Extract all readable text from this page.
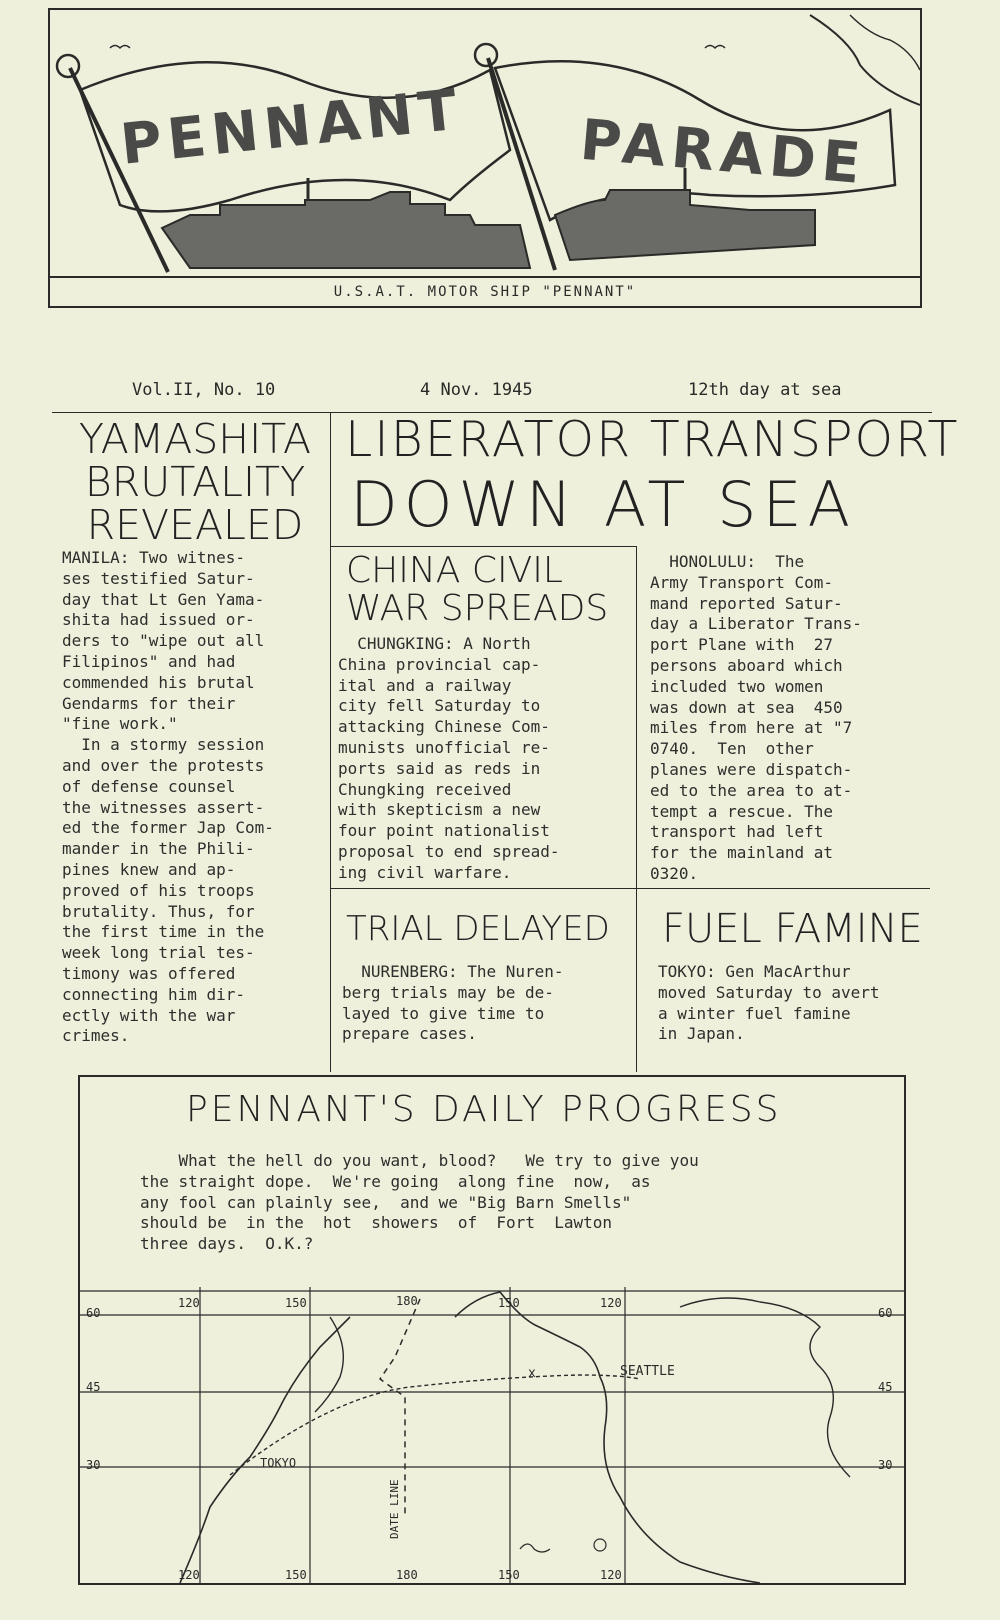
PENNANT PARADE
U.S.A.T. MOTOR SHIP "PENNANT"
Vol.II, No. 10	4 Nov. 1945	12th day at sea
YAMASHITA
BRUTALITY
REVEALED
MANILA: Two witnes-
ses testified Satur-
day that Lt Gen Yama-
shita had issued or-
ders to "wipe out all
Filipinos" and had
commended his brutal
Gendarms for their
"fine work."
In a stormy session
and over the protests
of defense counsel
the witnesses assert-
ed the former Jap Com-
mander in the Phili-
pines knew and ap-
proved of his troops
brutality. Thus, for
the first time in the
week long trial tes-
timony was offered
connecting him dir-
ectly with the war
crimes.
LIBERATOR TRANSPORT
DOWN AT SEA
HONOLULU:  The
Army Transport Com-
mand reported Satur-
day a Liberator Trans-
port Plane with  27
persons aboard which
included two women
was down at sea  450
miles from here at "7
0740.  Ten  other
planes were dispatch-
ed to the area to at-
tempt a rescue. The
transport had left
for the mainland at
0320.
CHINA CIVIL
WAR SPREADS
CHUNGKING: A North
China provincial cap-
ital and a railway
city fell Saturday to
attacking Chinese Com-
munists unofficial re-
ports said as reds in
Chungking received
with skepticism a new
four point nationalist
proposal to end spread-
ing civil warfare.
TRIAL DELAYED
NURENBERG: The Nuren-
berg trials may be de-
layed to give time to
prepare cases.
FUEL FAMINE
TOKYO: Gen MacArthur
moved Saturday to avert
a winter fuel famine
in Japan.
PENNANT'S DAILY PROGRESS
What the hell do you want, blood?   We try to give you
the straight dope.  We're going  along fine  now,  as
any fool can plainly see,  and we "Big Barn Smells"
should be  in the  hot  showers  of  Fort  Lawton
three days.  O.K.?
120	150	180	150	120
120	150	180	150	120
60
45
30
60
45
30
SEATTLE
TOKYO
DATE LINE
x
